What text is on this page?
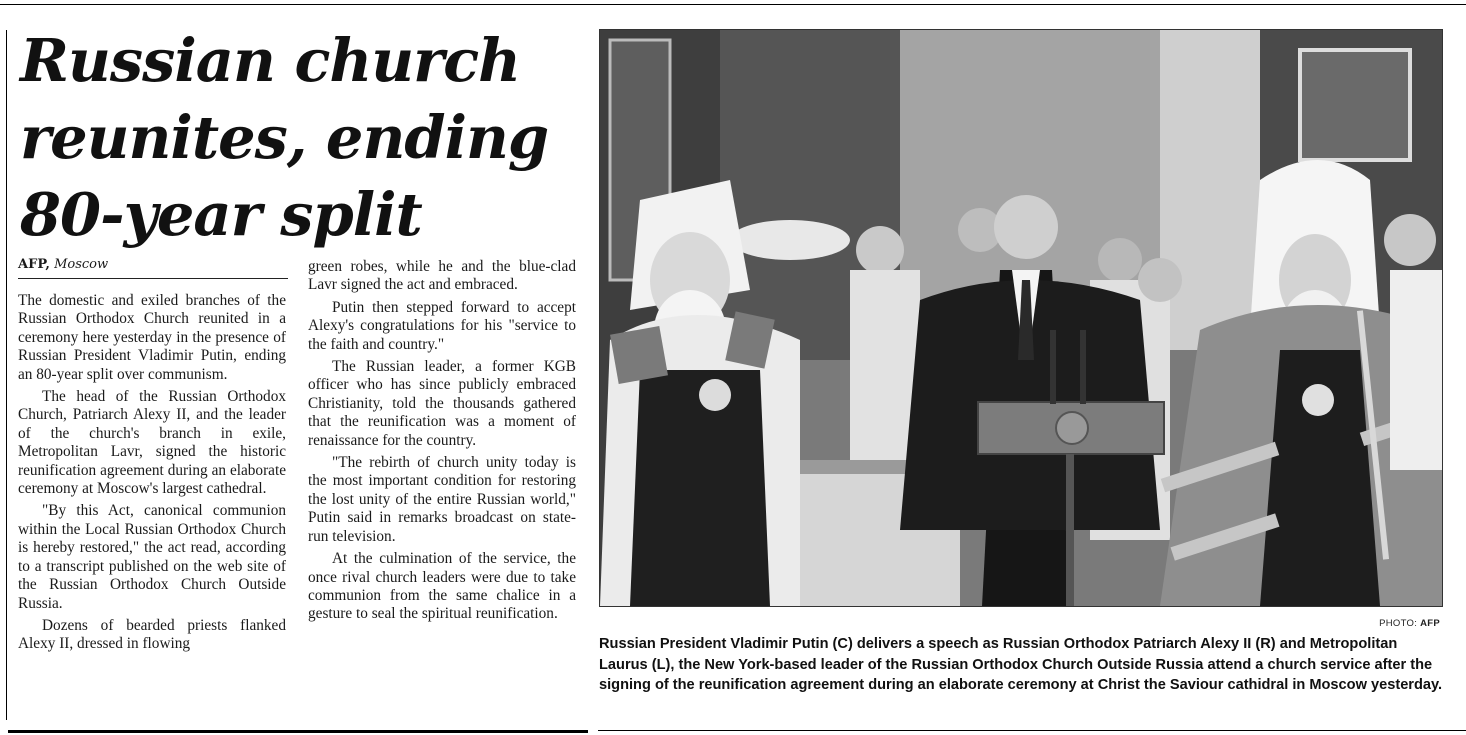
Russian church reunites, ending 80-year split
AFP, Moscow

The domestic and exiled branches of the Russian Orthodox Church reunited in a ceremony here yesterday in the presence of Russian President Vladimir Putin, ending an 80-year split over communism.

The head of the Russian Orthodox Church, Patriarch Alexy II, and the leader of the church's branch in exile, Metropolitan Lavr, signed the historic reunification agreement during an elaborate ceremony at Moscow's largest cathedral.

"By this Act, canonical communion within the Local Russian Orthodox Church is hereby restored," the act read, according to a transcript published on the web site of the Russian Orthodox Church Outside Russia.

Dozens of bearded priests flanked Alexy II, dressed in flowing

green robes, while he and the blue-clad Lavr signed the act and embraced.

Putin then stepped forward to accept Alexy's congratulations for his "service to the faith and country."

The Russian leader, a former KGB officer who has since publicly embraced Christianity, told the thousands gathered that the reunification was a moment of renaissance for the country.

"The rebirth of church unity today is the most important condition for restoring the lost unity of the entire Russian world," Putin said in remarks broadcast on state-run television.

At the culmination of the service, the once rival church leaders were due to take communion from the same chalice in a gesture to seal the spiritual reunification.

PHOTO: AFP

Russian President Vladimir Putin (C) delivers a speech as Russian Orthodox Patriarch Alexy II (R) and Metropolitan Laurus (L), the New York-based leader of the Russian Orthodox Church Outside Russia attend a church service after the signing of the reunification agreement during an elaborate ceremony at Christ the Saviour cathidral in Moscow yesterday.
